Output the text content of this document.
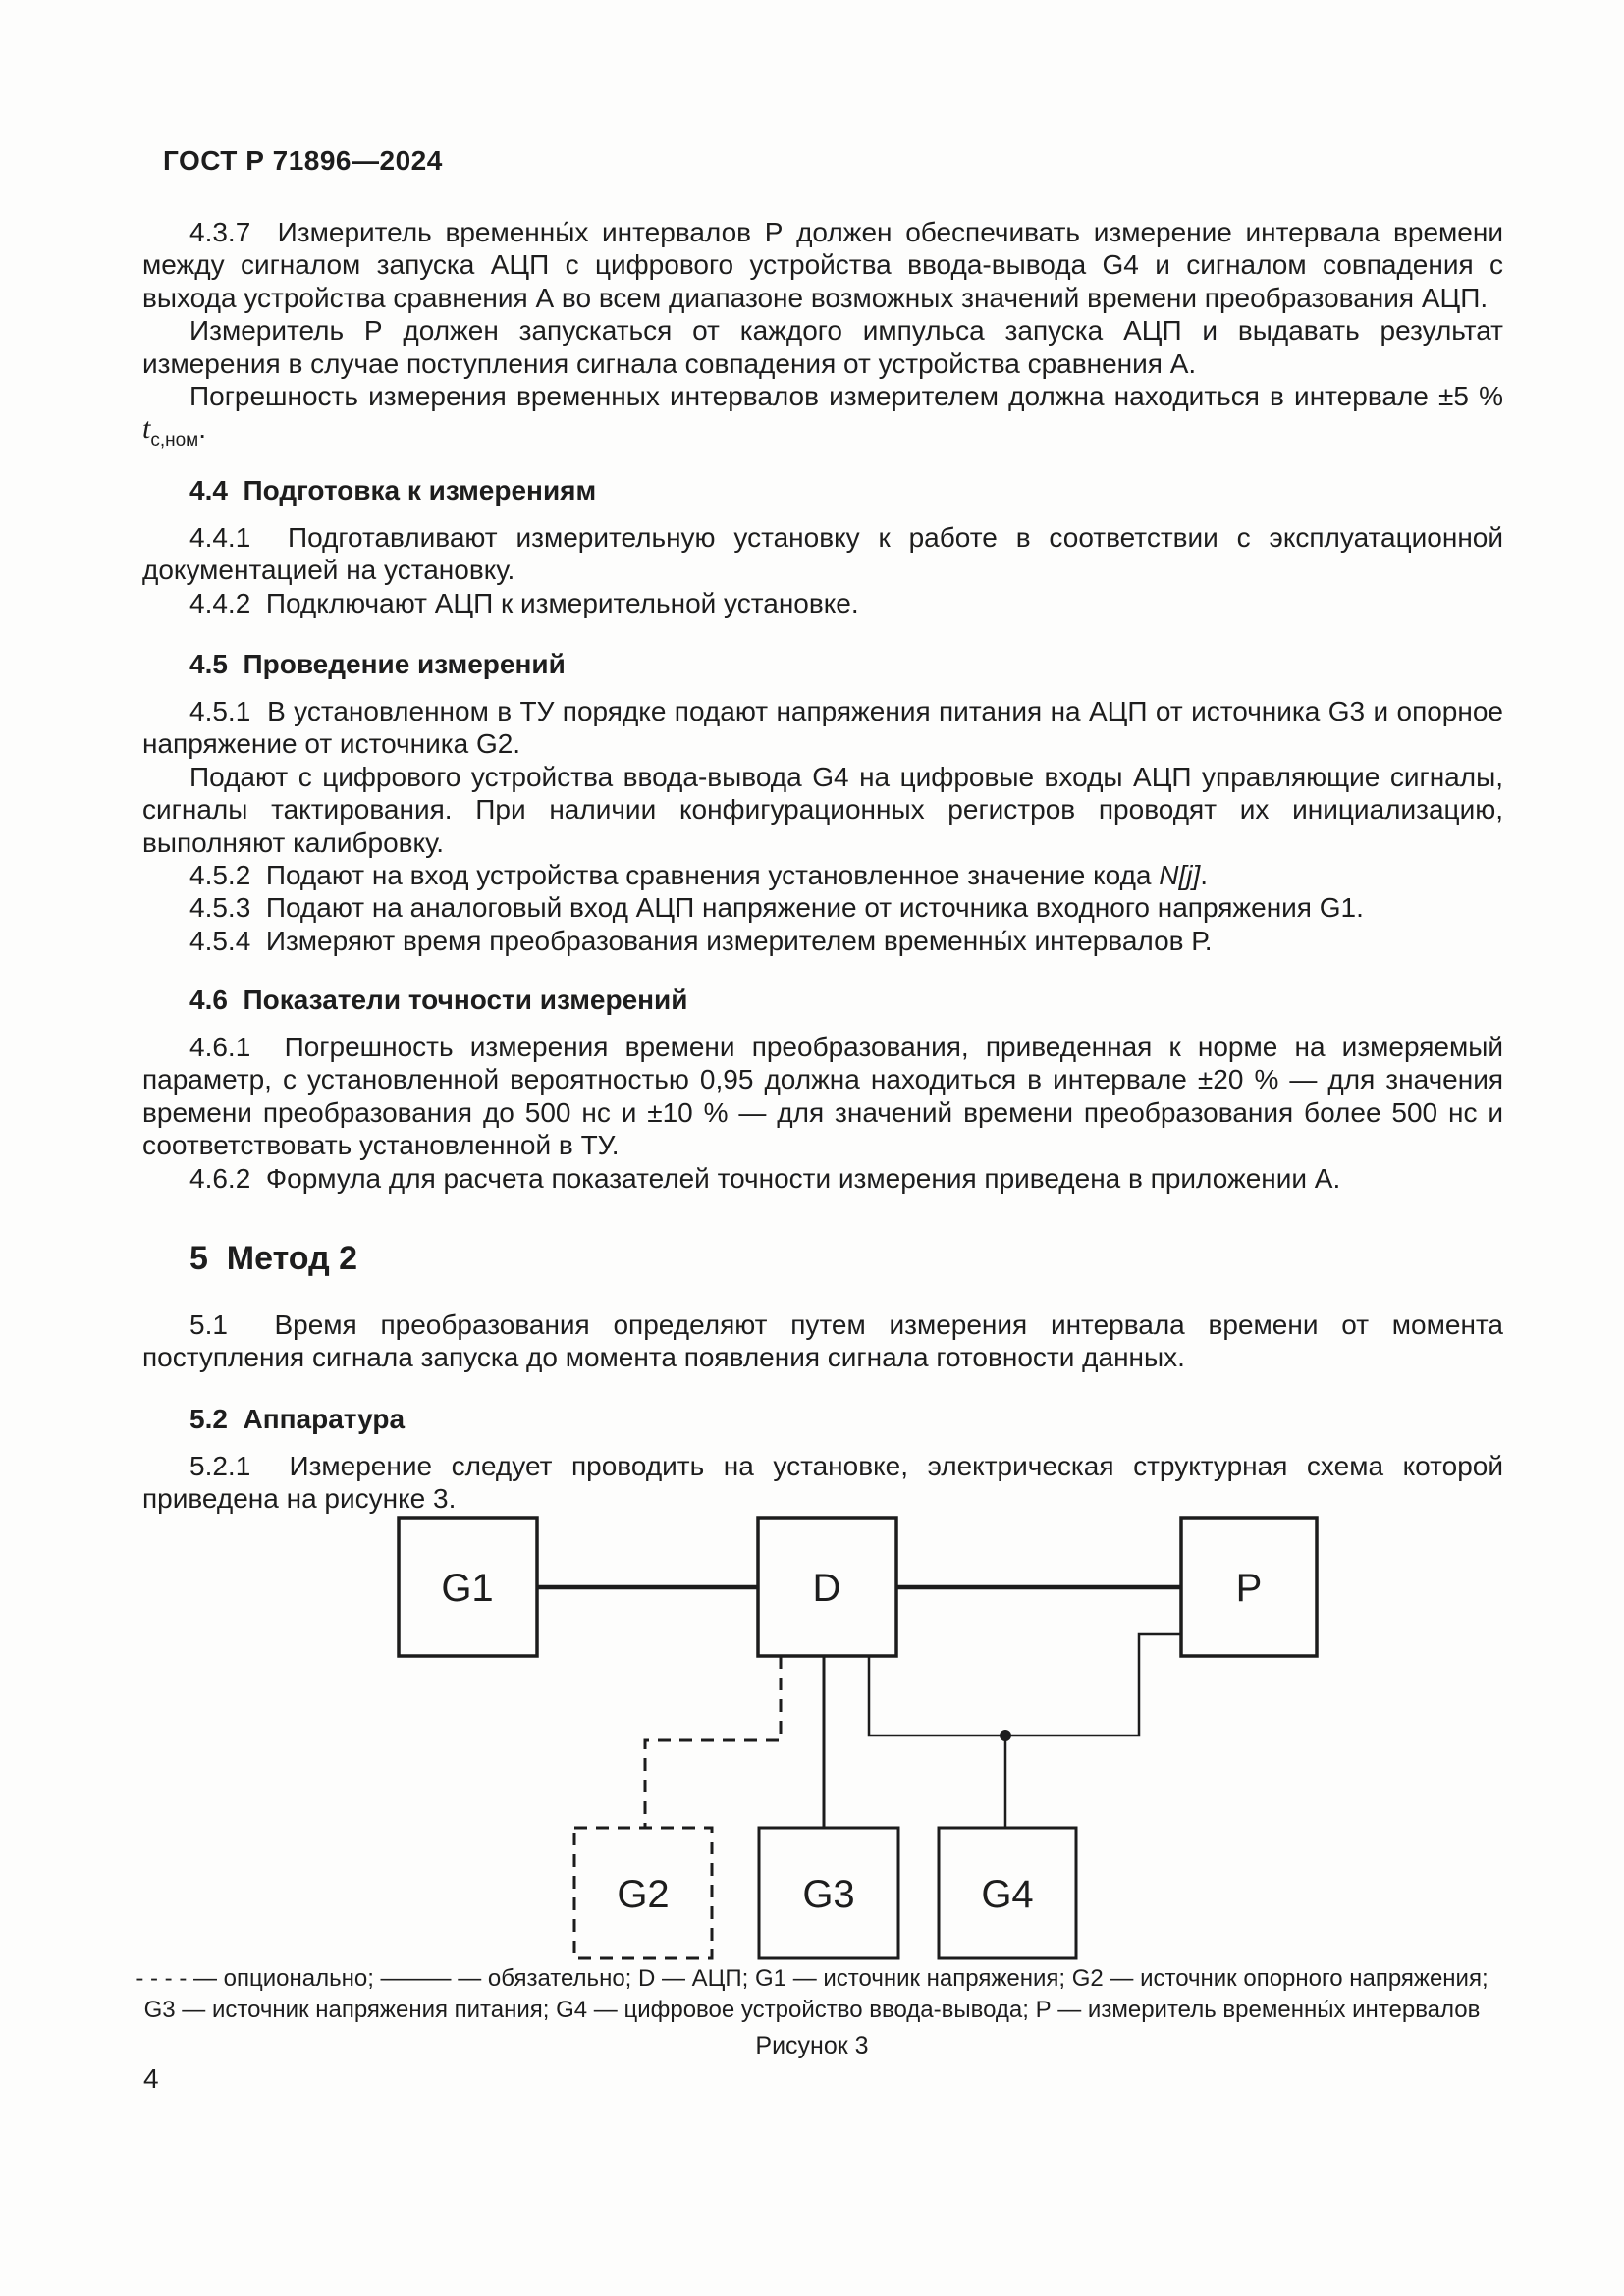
ГОСТ Р 71896—2024

4.3.7  Измеритель временны́х интервалов Р должен обеспечивать измерение интервала времени между сигналом запуска АЦП с цифрового устройства ввода-вывода G4 и сигналом совпадения с выхода устройства сравнения А во всем диапазоне возможных значений времени преобразования АЦП.

Измеритель Р должен запускаться от каждого импульса запуска АЦП и выдавать результат измерения в случае поступления сигнала совпадения от устройства сравнения А.

Погрешность измерения временных интервалов измерителем должна находиться в интервале ±5 % $t_{с,ном}$.

4.4  Подготовка к измерениям

4.4.1  Подготавливают измерительную установку к работе в соответствии с эксплуатационной документацией на установку.

4.4.2  Подключают АЦП к измерительной установке.

4.5  Проведение измерений

4.5.1  В установленном в ТУ порядке подают напряжения питания на АЦП от источника G3 и опорное напряжение от источника G2.

Подают с цифрового устройства ввода-вывода G4 на цифровые входы АЦП управляющие сигналы, сигналы тактирования. При наличии конфигурационных регистров проводят их инициализацию, выполняют калибровку.

4.5.2  Подают на вход устройства сравнения установленное значение кода N[j].

4.5.3  Подают на аналоговый вход АЦП напряжение от источника входного напряжения G1.

4.5.4  Измеряют время преобразования измерителем временны́х интервалов Р.

4.6  Показатели точности измерений

4.6.1  Погрешность измерения времени преобразования, приведенная к норме на измеряемый параметр, с установленной вероятностью 0,95 должна находиться в интервале ±20 % — для значения времени преобразования до 500 нс и ±10 % — для значений времени преобразования более 500 нс и соответствовать установленной в ТУ.

4.6.2  Формула для расчета показателей точности измерения приведена в приложении А.

5  Метод 2

5.1  Время преобразования определяют путем измерения интервала времени от момента поступления сигнала запуска до момента появления сигнала готовности данных.

5.2  Аппаратура

5.2.1  Измерение следует проводить на установке, электрическая структурная схема которой приведена на рисунке 3.

G1	D	Р
G2	G3	G4
- - - - — опционально; ——— — обязательно; D — АЦП; G1 — источник напряжения; G2 — источник опорного напряжения;
G3 — источник напряжения питания; G4 — цифровое устройство ввода-вывода; Р — измеритель временны́х интервалов
Рисунок 3
4
